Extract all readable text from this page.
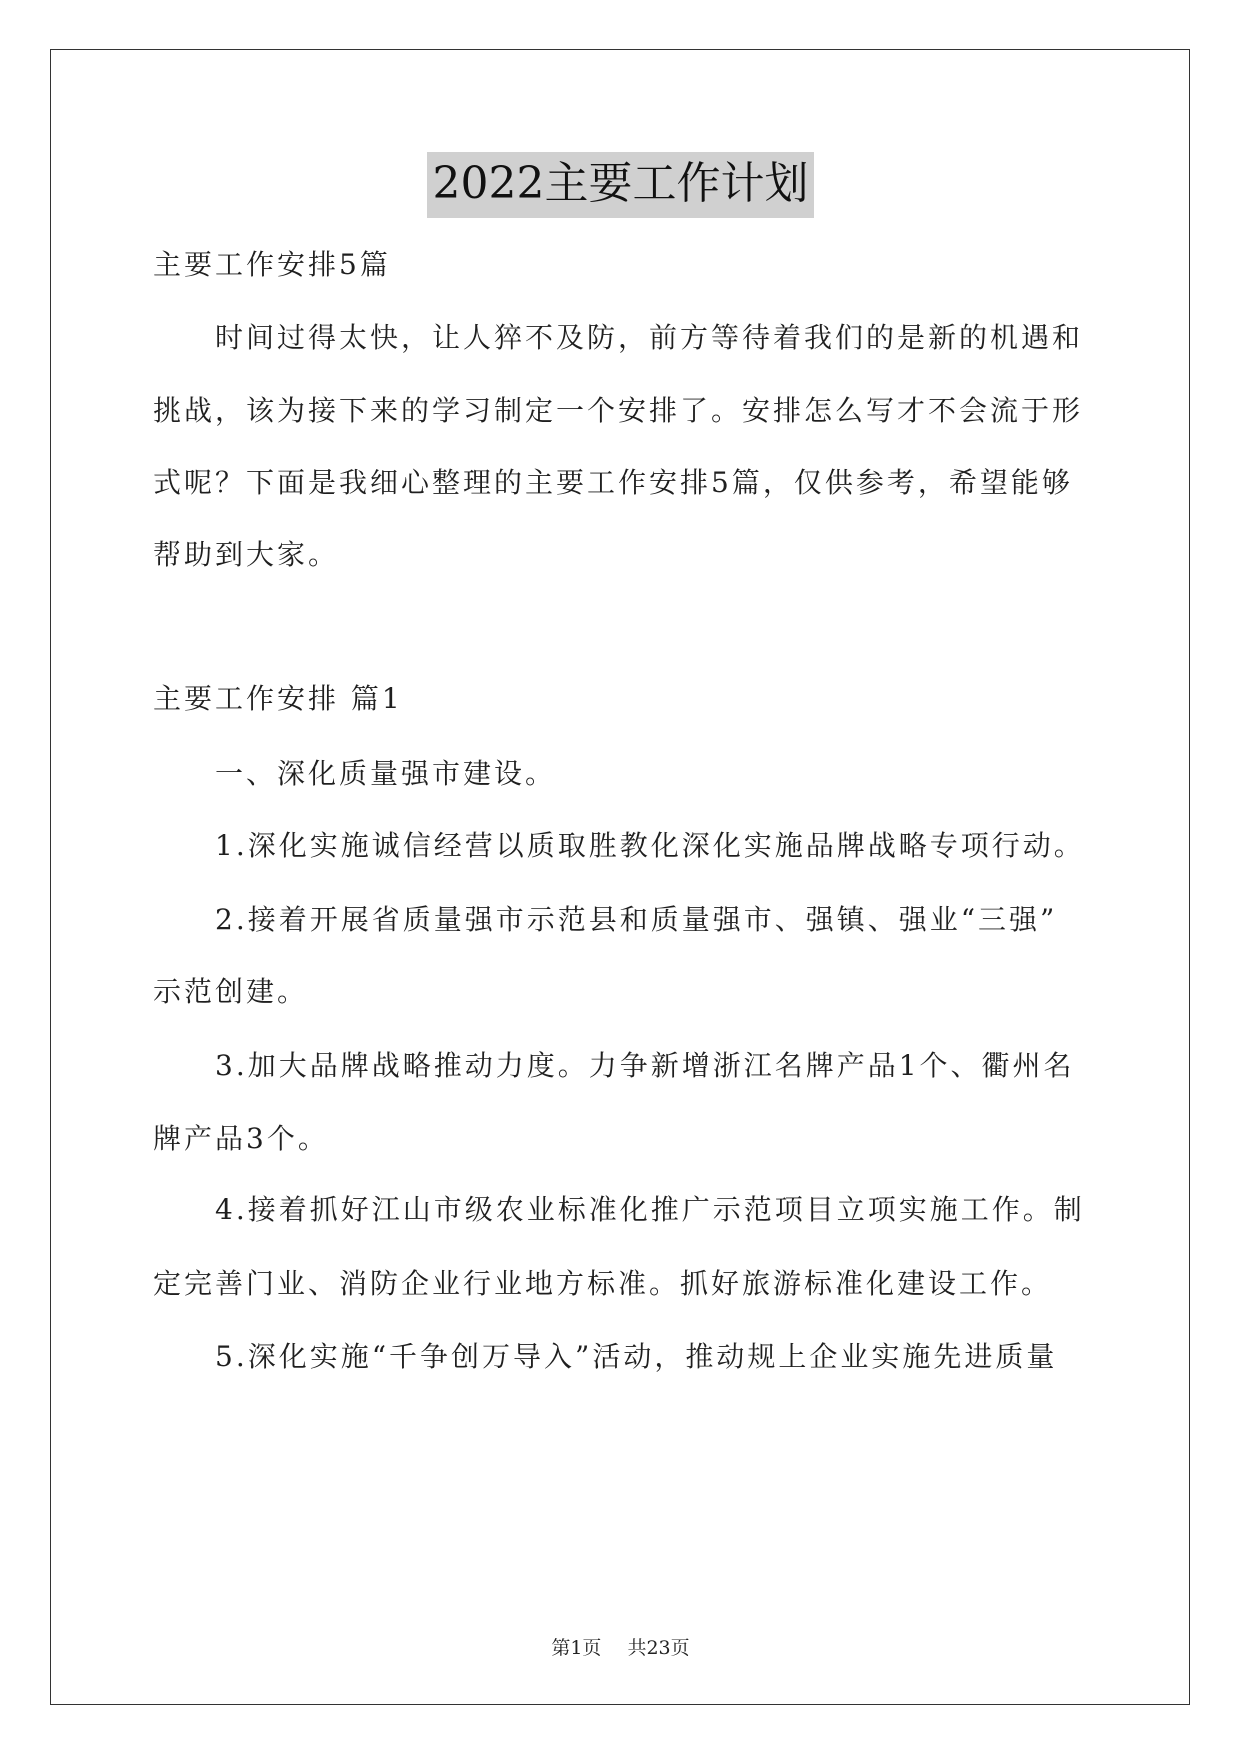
2022主要工作计划
主要工作安排5篇
时间过得太快，让人猝不及防，前方等待着我们的是新的机遇和
挑战，该为接下来的学习制定一个安排了。安排怎么写才不会流于形
式呢？下面是我细心整理的主要工作安排5篇，仅供参考，希望能够
帮助到大家。
主要工作安排 篇1
一、深化质量强市建设。
1.深化实施诚信经营以质取胜教化深化实施品牌战略专项行动。
2.接着开展省质量强市示范县和质量强市、强镇、强业“三强”
示范创建。
3.加大品牌战略推动力度。力争新增浙江名牌产品1个、衢州名
牌产品3个。
4.接着抓好江山市级农业标准化推广示范项目立项实施工作。制
定完善门业、消防企业行业地方标准。抓好旅游标准化建设工作。
5.深化实施“千争创万导入”活动，推动规上企业实施先进质量
第1页 共23页
